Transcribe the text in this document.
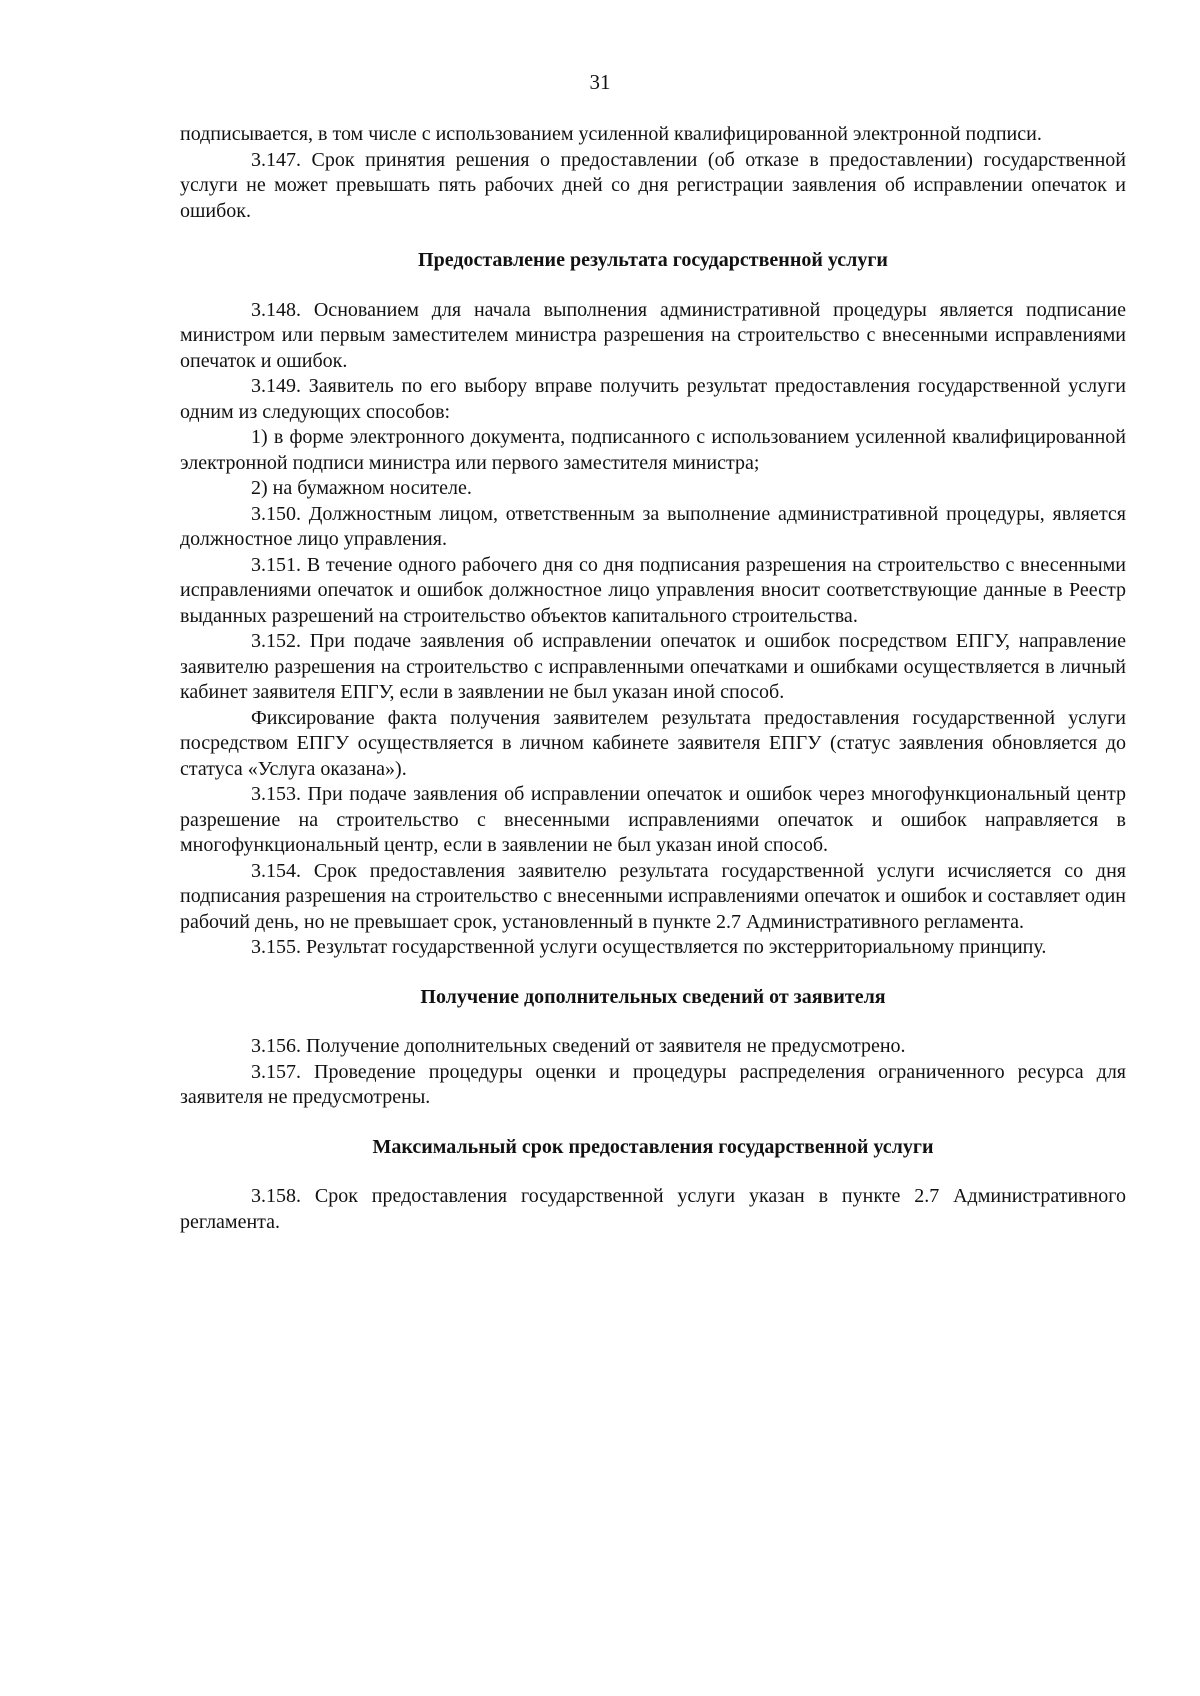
31

подписывается, в том числе с использованием усиленной квалифицированной электронной подписи.

3.147. Срок принятия решения о предоставлении (об отказе в предоставлении) государственной услуги не может превышать пять рабочих дней со дня регистрации заявления об исправлении опечаток и ошибок.

Предоставление результата государственной услуги

3.148. Основанием для начала выполнения административной процедуры является подписание министром или первым заместителем министра разрешения на строительство с внесенными исправлениями опечаток и ошибок.

3.149. Заявитель по его выбору вправе получить результат предоставления государственной услуги одним из следующих способов:

1) в форме электронного документа, подписанного с использованием усиленной квалифицированной электронной подписи министра или первого заместителя министра;

2) на бумажном носителе.

3.150. Должностным лицом, ответственным за выполнение административной процедуры, является должностное лицо управления.

3.151. В течение одного рабочего дня со дня подписания разрешения на строительство с внесенными исправлениями опечаток и ошибок должностное лицо управления вносит соответствующие данные в Реестр выданных разрешений на строительство объектов капитального строительства.

3.152. При подаче заявления об исправлении опечаток и ошибок посредством ЕПГУ, направление заявителю разрешения на строительство с исправленными опечатками и ошибками осуществляется в личный кабинет заявителя ЕПГУ, если в заявлении не был указан иной способ.

Фиксирование факта получения заявителем результата предоставления государственной услуги посредством ЕПГУ осуществляется в личном кабинете заявителя ЕПГУ (статус заявления обновляется до статуса «Услуга оказана»).

3.153. При подаче заявления об исправлении опечаток и ошибок через многофункциональный центр разрешение на строительство с внесенными исправлениями опечаток и ошибок направляется в многофункциональный центр, если в заявлении не был указан иной способ.

3.154. Срок предоставления заявителю результата государственной услуги исчисляется со дня подписания разрешения на строительство с внесенными исправлениями опечаток и ошибок и составляет один рабочий день, но не превышает срок, установленный в пункте 2.7 Административного регламента.

3.155. Результат государственной услуги осуществляется по экстерриториальному принципу.

Получение дополнительных сведений от заявителя

3.156. Получение дополнительных сведений от заявителя не предусмотрено.

3.157. Проведение процедуры оценки и процедуры распределения ограниченного ресурса для заявителя не предусмотрены.

Максимальный срок предоставления государственной услуги

3.158. Срок предоставления государственной услуги указан в пункте 2.7 Административного регламента.
